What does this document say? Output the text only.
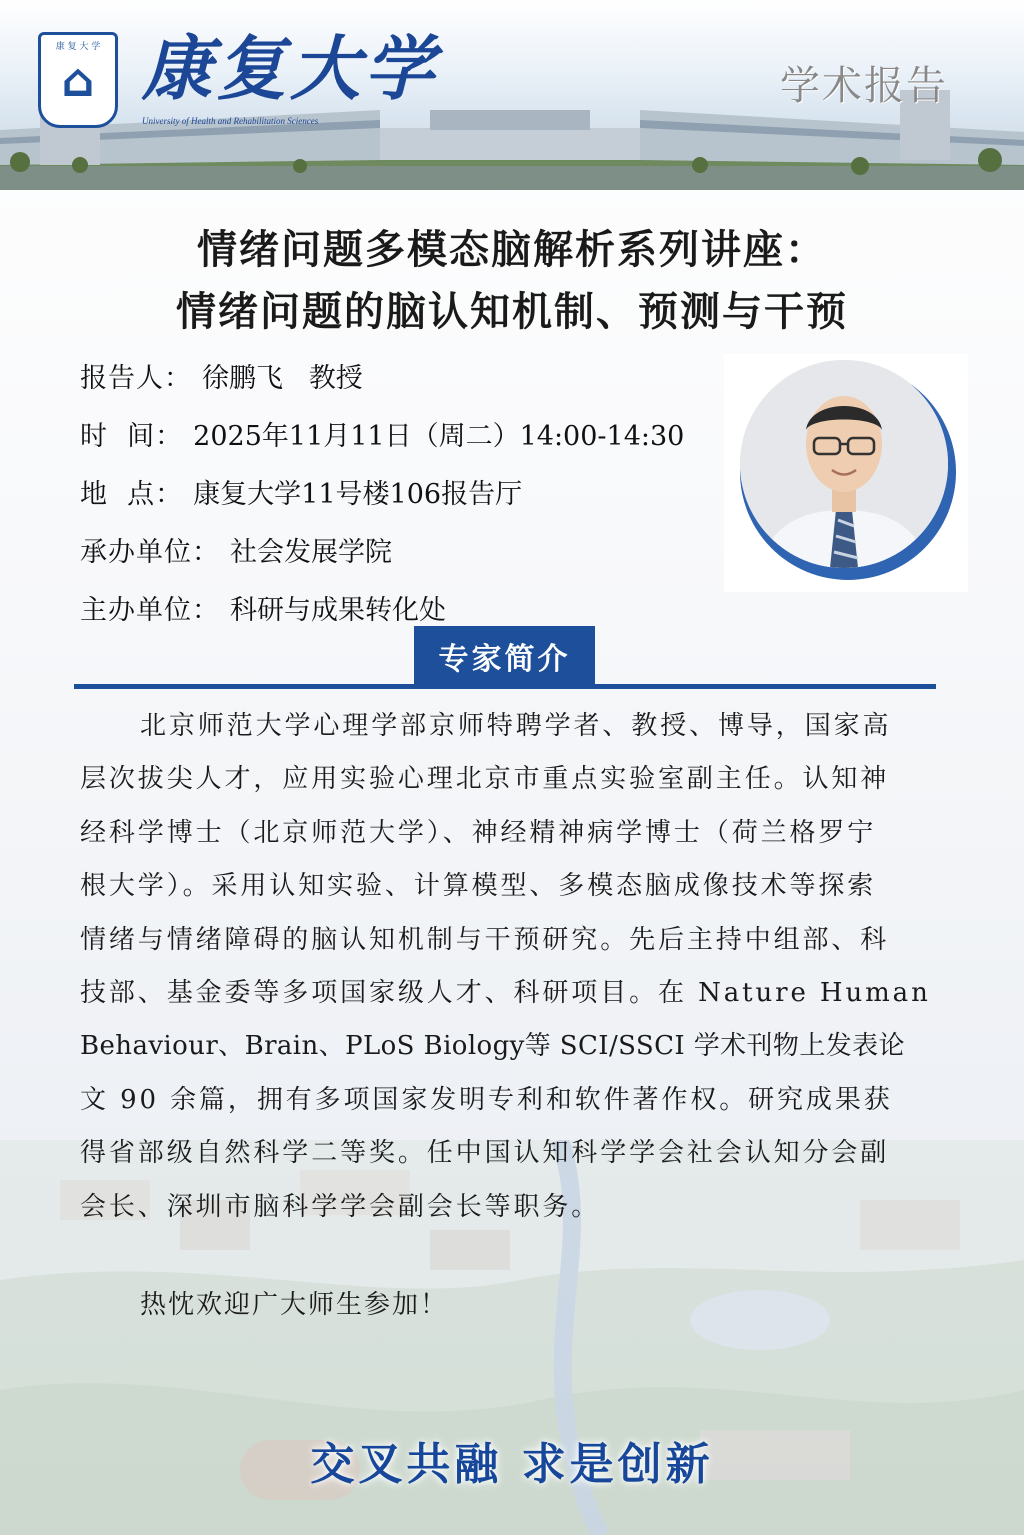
康 复 大 学
⌂ 康复大学
University of Health and Rehabilitation Sciences
学术报告
情绪问题多模态脑解析系列讲座：
情绪问题的脑认知机制、预测与干预
报告人： 徐鹏飞   教授
时  间： 2025年11月11日（周二）14:00-14:30
地  点： 康复大学11号楼106报告厅
承办单位： 社会发展学院
主办单位： 科研与成果转化处
专家简介
北京师范大学心理学部京师特聘学者、教授、博导，国家高
层次拔尖人才，应用实验心理北京市重点实验室副主任。认知神
经科学博士（北京师范大学）、神经精神病学博士（荷兰格罗宁
根大学）。采用认知实验、计算模型、多模态脑成像技术等探索
情绪与情绪障碍的脑认知机制与干预研究。先后主持中组部、科
技部、基金委等多项国家级人才、科研项目。在 Nature Human
Behaviour、Brain、PLoS Biology等 SCI/SSCI 学术刊物上发表论
文 90 余篇，拥有多项国家发明专利和软件著作权。研究成果获
得省部级自然科学二等奖。任中国认知科学学会社会认知分会副
会长、深圳市脑科学学会副会长等职务。
热忱欢迎广大师生参加！
交叉共融 求是创新
